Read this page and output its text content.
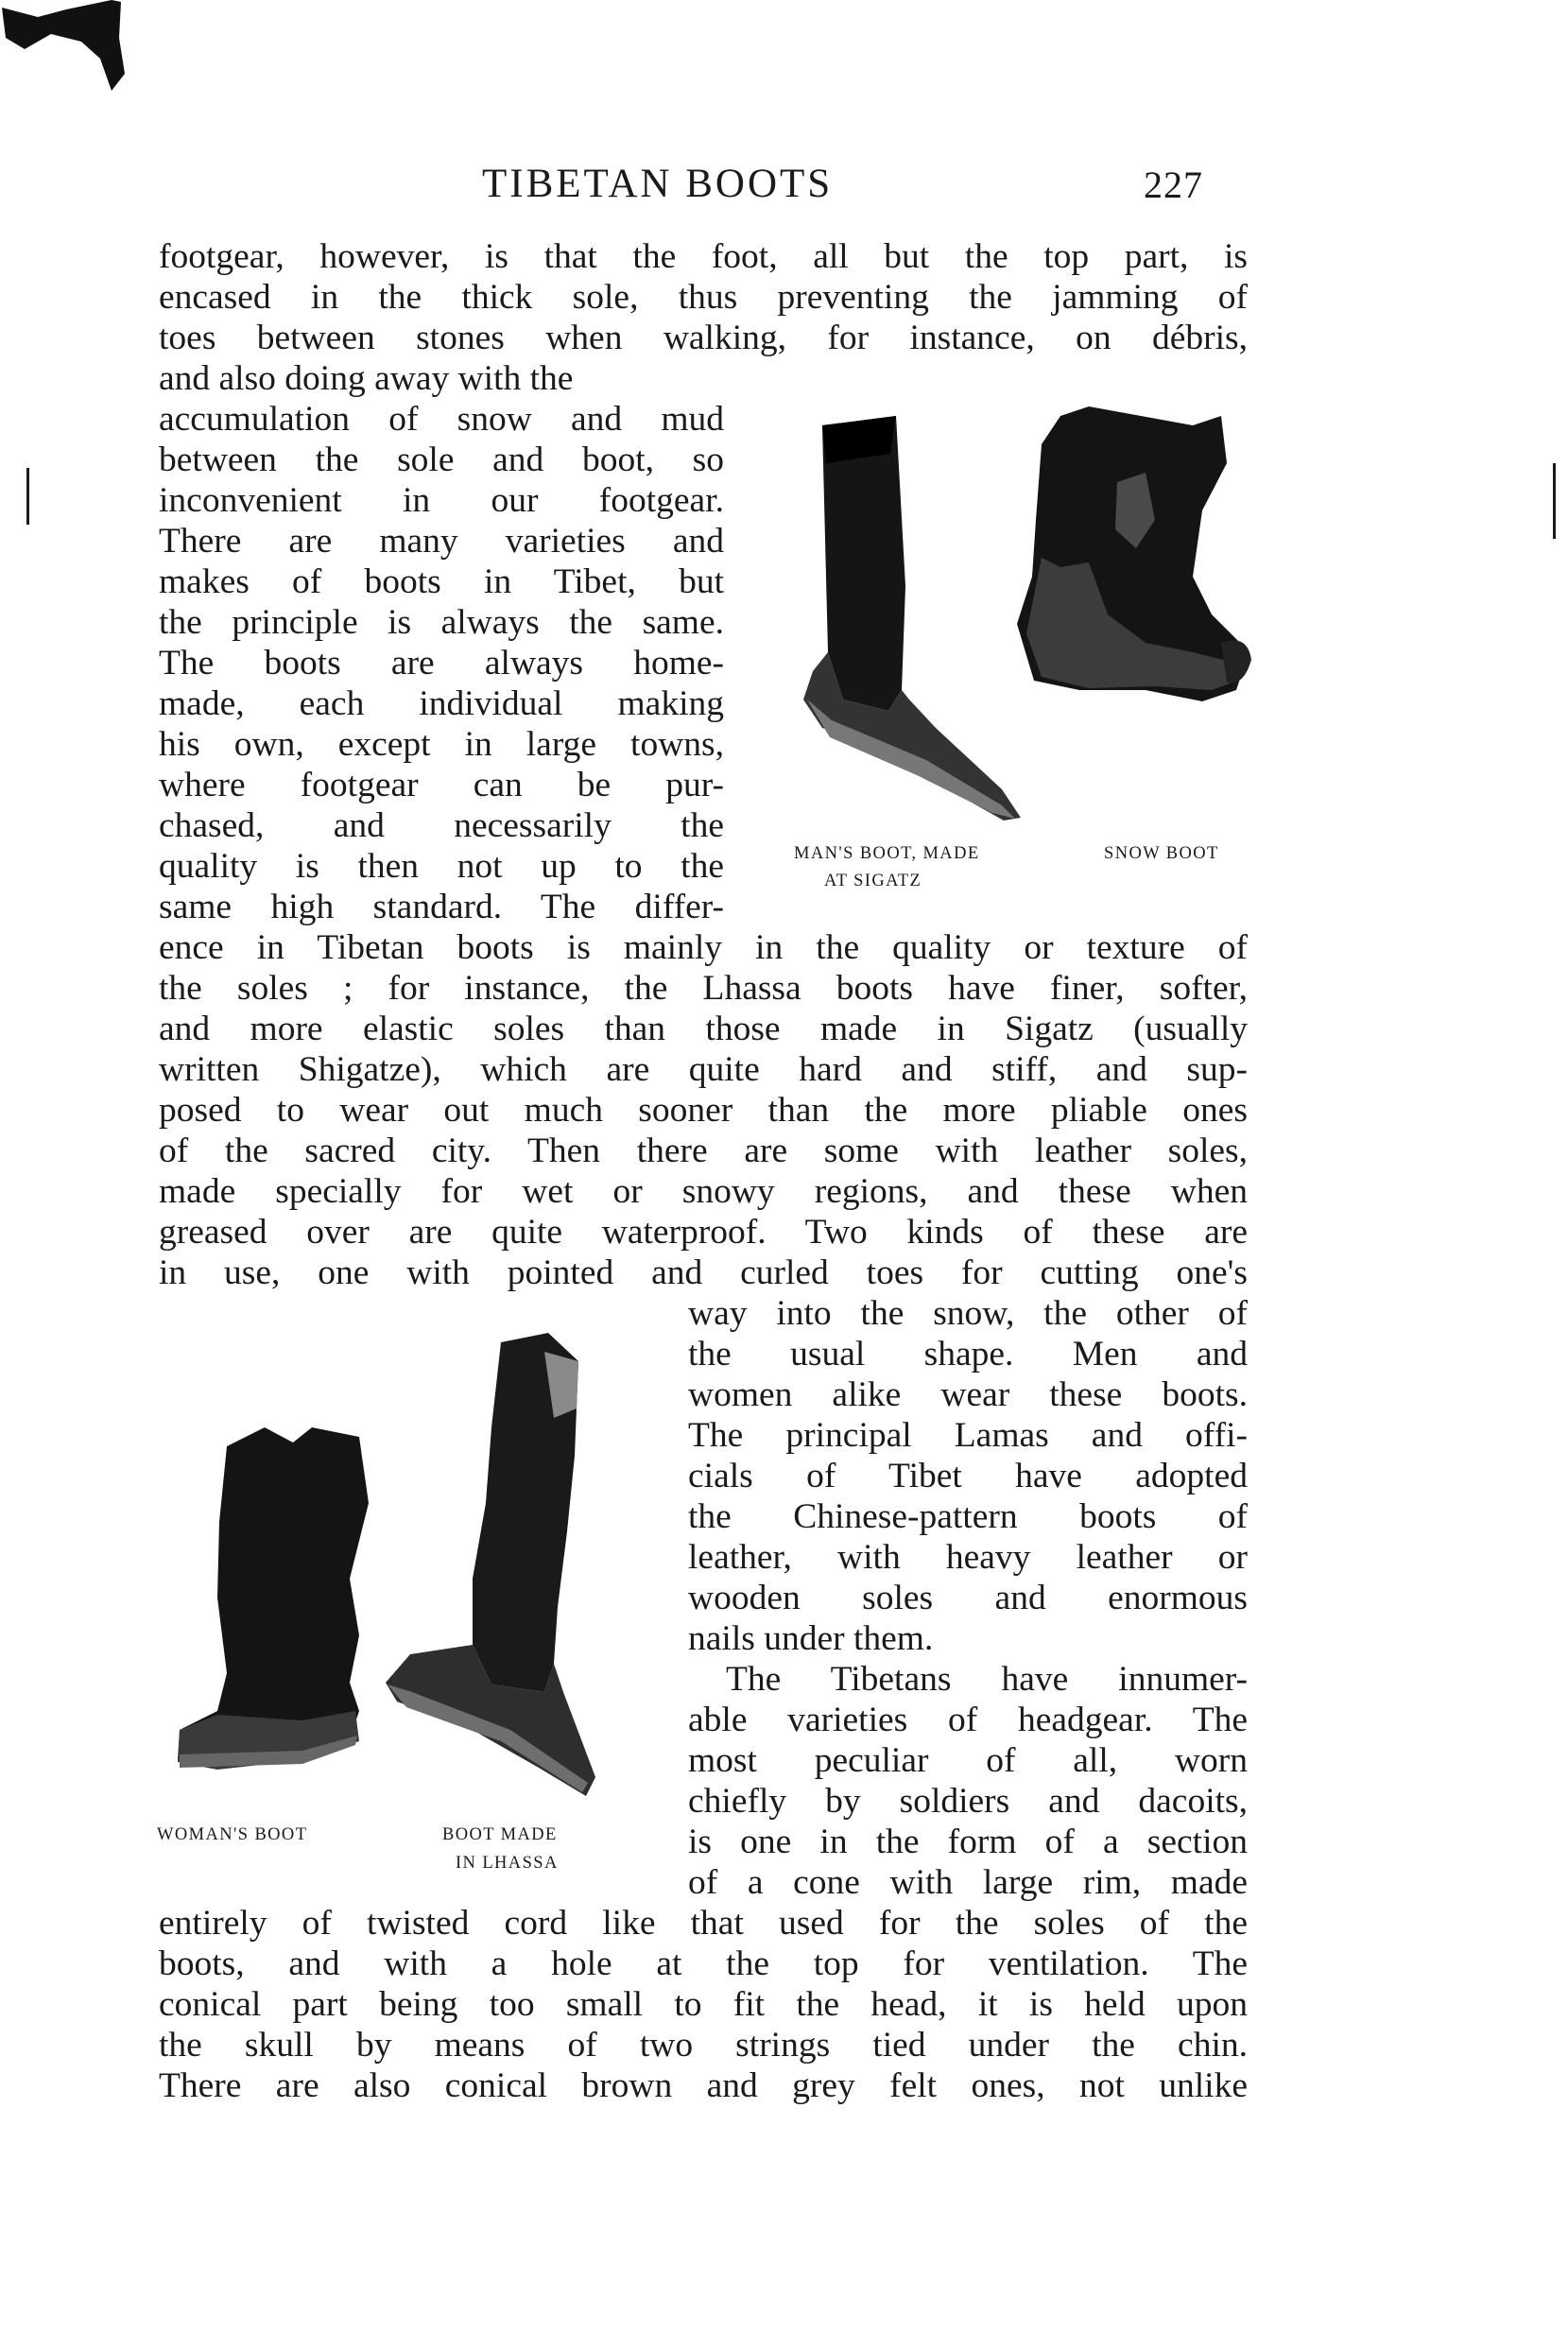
TIBETAN BOOTS	227
footgear, however, is that the foot, all but the top part, is
encased in the thick sole, thus preventing the jamming of
toes between stones when walking, for instance, on débris,
and also doing away with the
accumulation of snow and mud
between the sole and boot, so
inconvenient in our footgear.
There are many varieties and
makes of boots in Tibet, but
the principle is always the same.
The boots are always home-
made, each individual making
his own, except in large towns,
where footgear can be pur-
chased, and necessarily the
quality is then not up to the
same high standard. The differ-
MAN'S BOOT, MADE
AT SIGATZ
SNOW BOOT
ence in Tibetan boots is mainly in the quality or texture of
the soles ; for instance, the Lhassa boots have finer, softer,
and more elastic soles than those made in Sigatz (usually
written Shigatze), which are quite hard and stiff, and sup-
posed to wear out much sooner than the more pliable ones
of the sacred city. Then there are some with leather soles,
made specially for wet or snowy regions, and these when
greased over are quite waterproof. Two kinds of these are
in use, one with pointed and curled toes for cutting one's
WOMAN'S BOOT	BOOT MADE
IN LHASSA
way into the snow, the other of
the usual shape. Men and
women alike wear these boots.
The principal Lamas and offi-
cials of Tibet have adopted
the Chinese-pattern boots of
leather, with heavy leather or
wooden soles and enormous
nails under them.
The Tibetans have innumer-
able varieties of headgear. The
most peculiar of all, worn
chiefly by soldiers and dacoits,
is one in the form of a section
of a cone with large rim, made
entirely of twisted cord like that used for the soles of the
boots, and with a hole at the top for ventilation. The
conical part being too small to fit the head, it is held upon
the skull by means of two strings tied under the chin.
There are also conical brown and grey felt ones, not unlike
